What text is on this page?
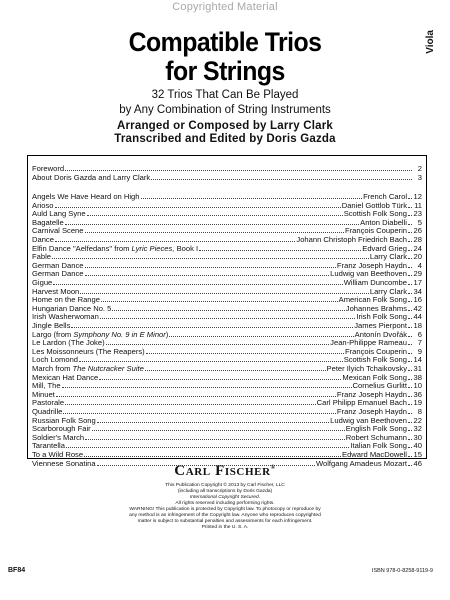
Copyrighted Material
Viola
Compatible Trios
for Strings
32 Trios That Can Be Played
by Any Combination of String Instruments
Arranged or Composed by Larry Clark
Transcribed and Edited by Doris Gazda
Foreword	2
About Doris Gazda and Larry Clark	3
Angels We Have Heard on High	French Carol 12
Arioso	Daniel Gottlob Türk 11
Auld Lang Syne	Scottish Folk Song 23
Bagatelle	Anton Diabelli	5
Carnival Scene	François Couperin 26
Dance	Johann Christoph Friedrich Bach 28
Elfin Dance "Aelfedans" from Lyric Pieces, Book I	Edvard Grieg 24
Fable	Larry Clark 20
German Dance	Franz Joseph Haydn	4
German Dance	Ludwig van Beethoven 29
Gigue	William Duncombe 17
Harvest Moon	Larry Clark 34
Home on the Range	American Folk Song 16
Hungarian Dance No. 5	Johannes Brahms 42
Irish Washerwoman	Irish Folk Song 44
Jingle Bells	James Pierpont 18
Largo (from Symphony No. 9 in E Minor)	Antonín Dvořák	6
Le Lardon (The Joke)	Jean-Philippe Rameau	7
Les Moissonneurs (The Reapers)	François Couperin	9
Loch Lomond	Scottish Folk Song 14
March from The Nutcracker Suite	Peter Ilyich Tchaikovsky 31
Mexican Hat Dance	Mexican Folk Song 38
Mill, The	Cornelius Gurlitt 10
Minuet	Franz Joseph Haydn 36
Pastorale	Carl Philipp Emanuel Bach 19
Quadrille	Franz Joseph Haydn	8
Russian Folk Song	Ludwig van Beethoven 22
Scarborough Fair	English Folk Song 32
Soldier's March	Robert Schumann 30
Tarantella	Italian Folk Song 40
To a Wild Rose	Edward MacDowell 15
Viennese Sonatina	Wolfgang Amadeus Mozart 46
Carl Fischer®
This Publication Copyright © 2013 by Carl Fischer, LLC
(including all transcriptions by Doris Gazda)
International Copyright Secured.
All rights reserved including performing rights.
WARNING! This publication is protected by Copyright law. To photocopy or reproduce by
any method is an infringement of the Copyright law. Anyone who reproduces copyrighted
matter is subject to substantial penalties and assessments for each infringement.
Printed in the U. S. A.
BF84	ISBN 978-0-8258-9119-9
